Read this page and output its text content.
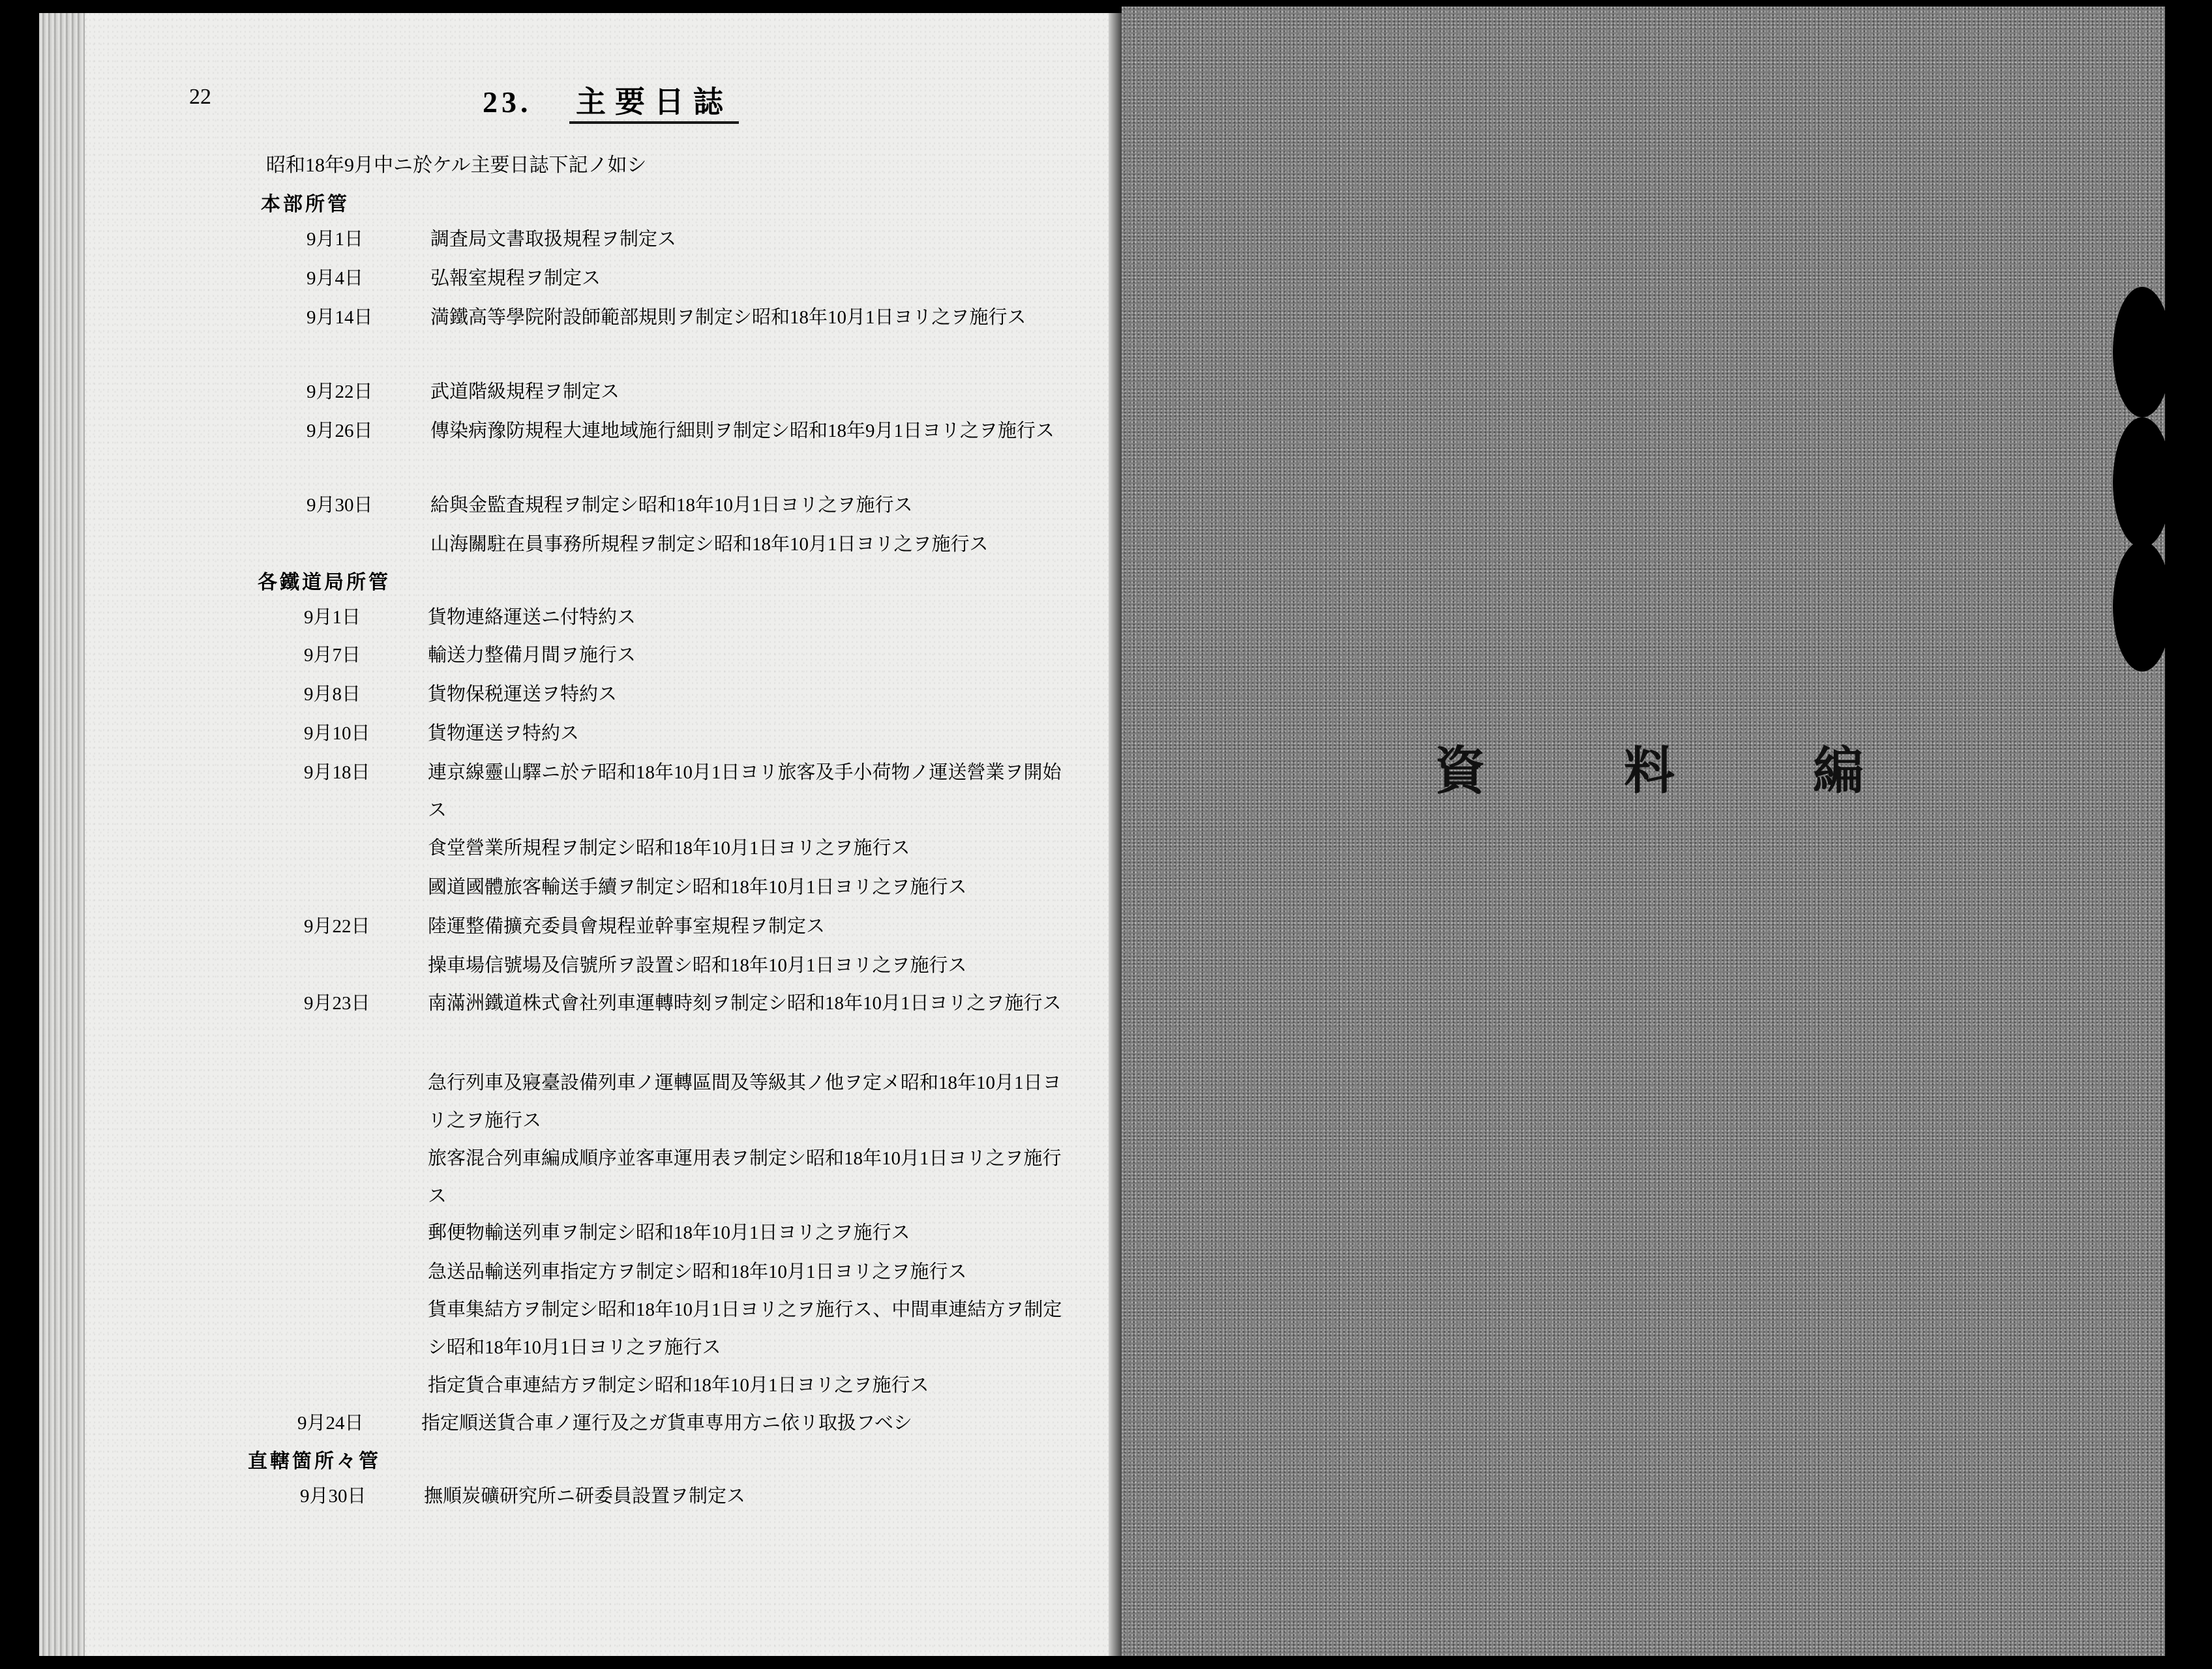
22	23. 主要日誌
昭和18年9月中ニ於ケル主要日誌下記ノ如シ
本部所管
9月1日	調査局文書取扱規程ヲ制定ス
9月4日	弘報室規程ヲ制定ス
9月14日	満鐵高等學院附設師範部規則ヲ制定シ昭和18年10月1日ヨリ之ヲ施行ス
9月22日	武道階級規程ヲ制定ス
9月26日	傳染病豫防規程大連地域施行細則ヲ制定シ昭和18年9月1日ヨリ之ヲ施行ス
9月30日	給與金監査規程ヲ制定シ昭和18年10月1日ヨリ之ヲ施行ス
山海關駐在員事務所規程ヲ制定シ昭和18年10月1日ヨリ之ヲ施行ス
各鐵道局所管
9月1日	貨物連絡運送ニ付特約ス
9月7日	輸送力整備月間ヲ施行ス
9月8日	貨物保税運送ヲ特約ス
9月10日	貨物運送ヲ特約ス
9月18日	連京線靈山驛ニ於テ昭和18年10月1日ヨリ旅客及手小荷物ノ運送營業ヲ開始ス
食堂營業所規程ヲ制定シ昭和18年10月1日ヨリ之ヲ施行ス
國道國體旅客輸送手續ヲ制定シ昭和18年10月1日ヨリ之ヲ施行ス
9月22日	陸運整備擴充委員會規程並幹事室規程ヲ制定ス
操車場信號場及信號所ヲ設置シ昭和18年10月1日ヨリ之ヲ施行ス
9月23日	南滿洲鐵道株式會社列車運轉時刻ヲ制定シ昭和18年10月1日ヨリ之ヲ施行ス
急行列車及寢臺設備列車ノ運轉區間及等級其ノ他ヲ定メ昭和18年10月1日ヨリ之ヲ施行ス
旅客混合列車編成順序並客車運用表ヲ制定シ昭和18年10月1日ヨリ之ヲ施行ス
郵便物輸送列車ヲ制定シ昭和18年10月1日ヨリ之ヲ施行ス
急送品輸送列車指定方ヲ制定シ昭和18年10月1日ヨリ之ヲ施行ス
貨車集結方ヲ制定シ昭和18年10月1日ヨリ之ヲ施行ス、中間車連結方ヲ制定シ昭和18年10月1日ヨリ之ヲ施行ス
指定貨合車連結方ヲ制定シ昭和18年10月1日ヨリ之ヲ施行ス
9月24日	指定順送貨合車ノ運行及之ガ貨車専用方ニ依リ取扱フベシ
直轄箇所々管
9月30日	撫順炭礦研究所ニ研委員設置ヲ制定ス
資	料	編
